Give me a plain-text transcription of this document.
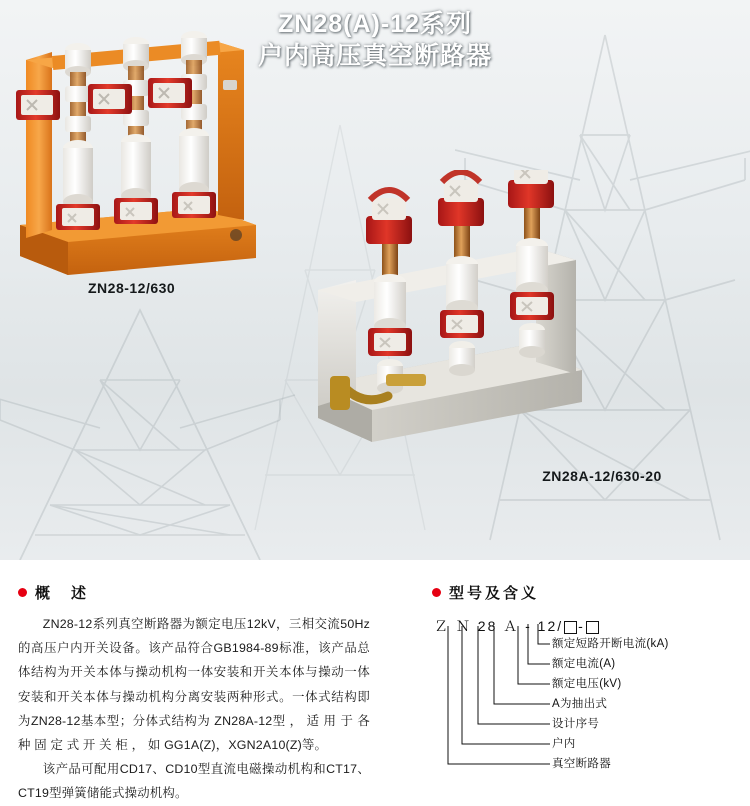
ZN28(A)-12系列
户内高压真空断路器
ZN28-12/630
ZN28A-12/630-20
概　述

ZN28-12系列真空断路器为额定电压12kV，三相交流50Hz的高压户内开关设备。该产品符合GB1984-89标准，该产品总体结构为开关本体与操动机构一体安装和开关本体与操动一体安装和开关本体与操动机构分离安装两种形式。一体式结构即为ZN28-12基本型；分体式结构为 ZN28A-12型 ， 适 用 于 各 种 固 定 式 开 关 柜 ， 如 GG1A(Z)，XGN2A10(Z)等。

该产品可配用CD17、CD10型直流电磁操动机构和CT17、CT19型弹簧储能式操动机构。

型号及含义
Ｚ Ｎ 28 Ａ - 12/ -
额定短路开断电流(kA)
额定电流(A)
额定电压(kV)
A为抽出式
设计序号
户内
真空断路器
